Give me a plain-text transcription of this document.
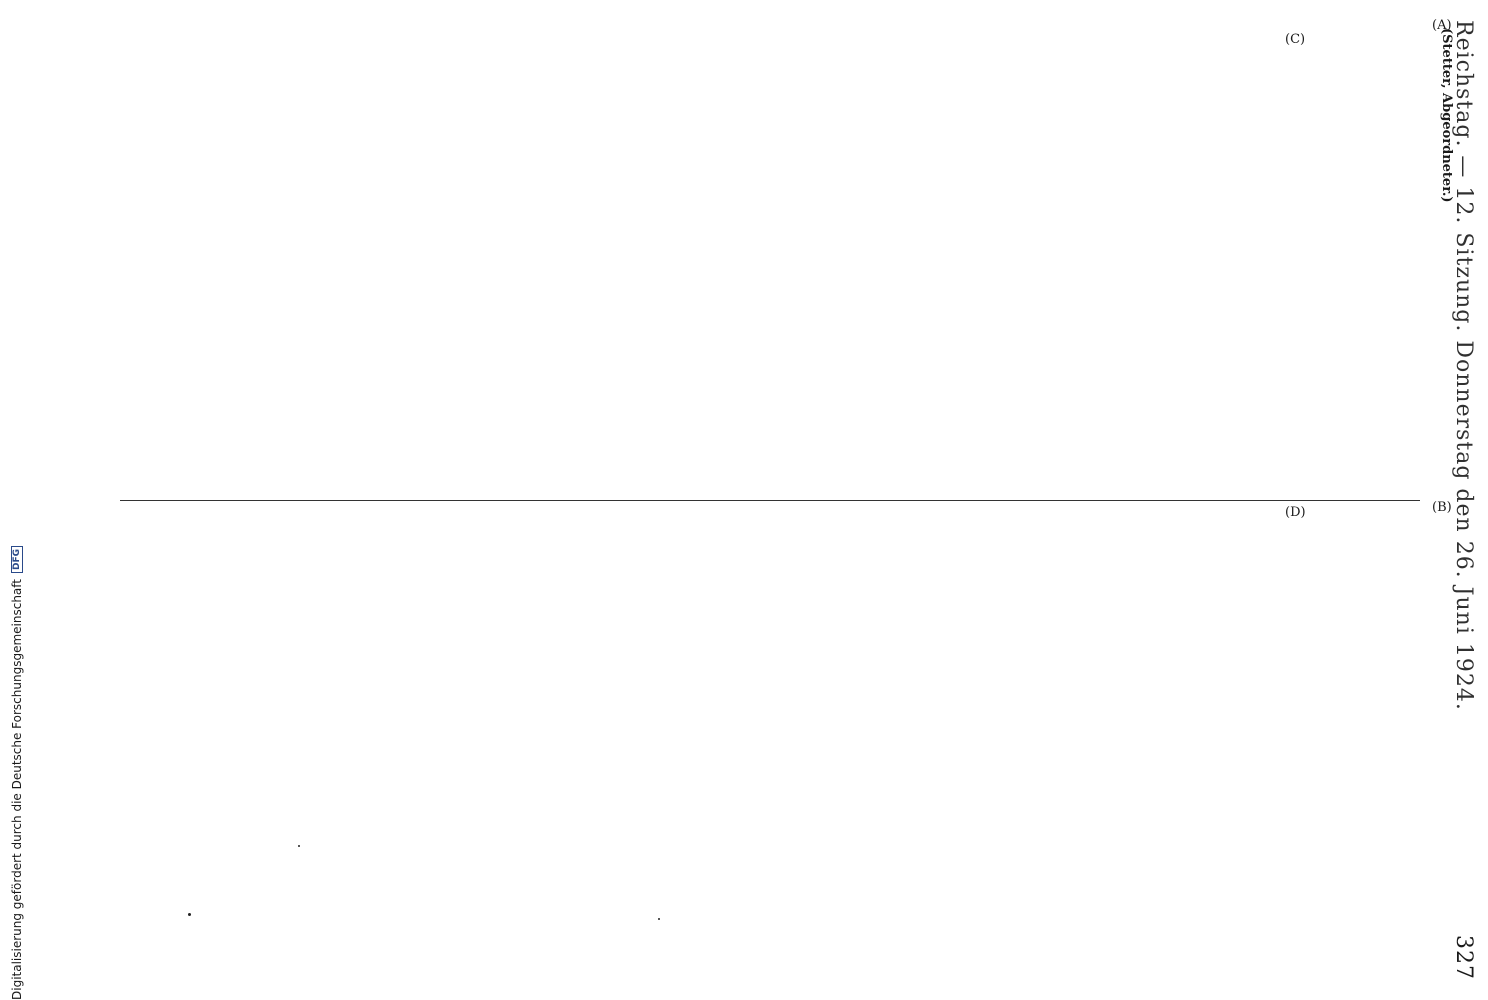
Reichstag. — 12. Sitzung. Donnerstag den 26. Juni 1924.
327
(A)
(B)
(C)
(D)

(Stetter, Abgeordneter.)

Digitalisierung gefördert durch die Deutsche Forschungsgemeinschaft
DFG
